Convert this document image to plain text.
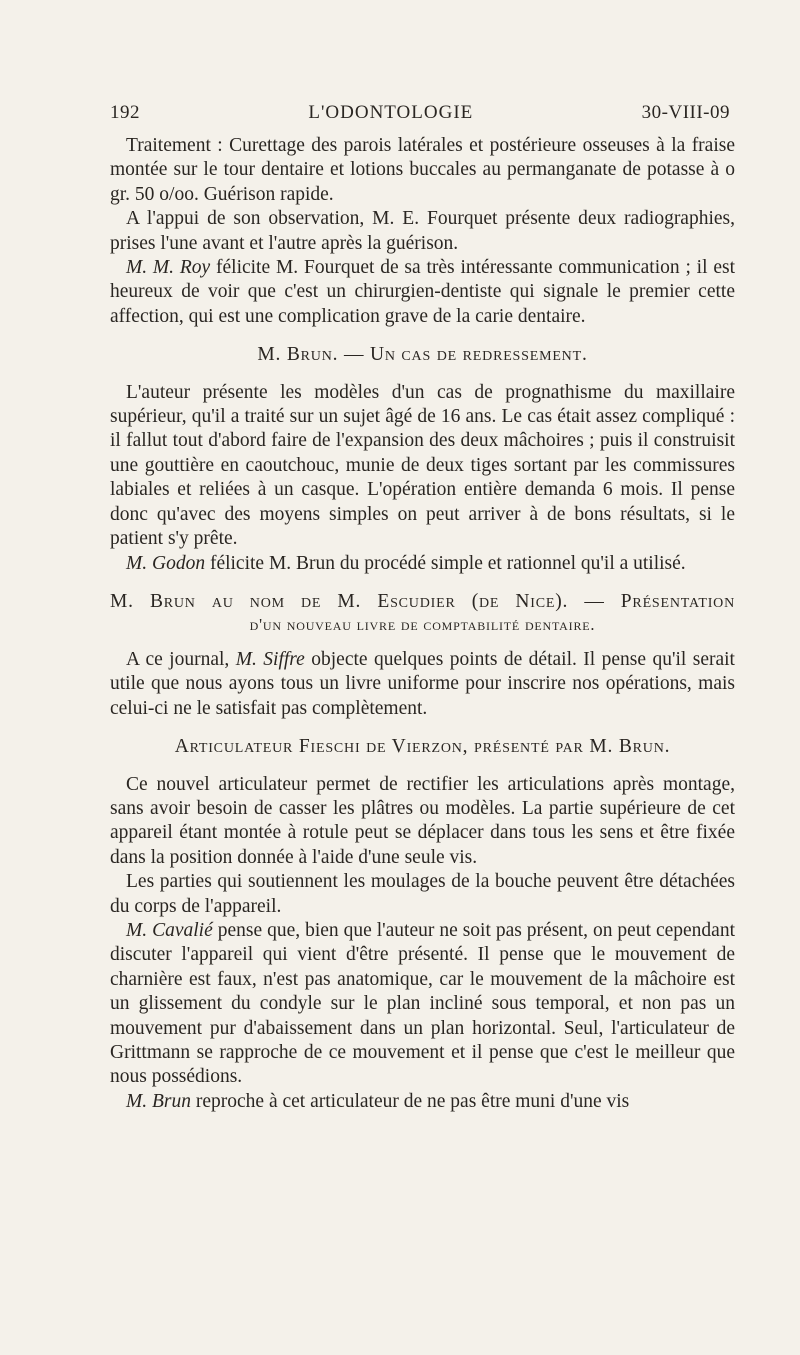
192	L'ODONTOLOGIE	30-VIII-09

Traitement : Curettage des parois latérales et postérieure osseuses à la fraise montée sur le tour dentaire et lotions buccales au permanganate de potasse à o gr. 50 o/oo. Guérison rapide.

A l'appui de son observation, M. E. Fourquet présente deux radiographies, prises l'une avant et l'autre après la guérison.

M. M. Roy félicite M. Fourquet de sa très intéressante communication ; il est heureux de voir que c'est un chirurgien-dentiste qui signale le premier cette affection, qui est une complication grave de la carie dentaire.

M. Brun. — Un cas de redressement.

L'auteur présente les modèles d'un cas de prognathisme du maxillaire supérieur, qu'il a traité sur un sujet âgé de 16 ans. Le cas était assez compliqué : il fallut tout d'abord faire de l'expansion des deux mâchoires ; puis il construisit une gouttière en caoutchouc, munie de deux tiges sortant par les commissures labiales et reliées à un casque. L'opération entière demanda 6 mois. Il pense donc qu'avec des moyens simples on peut arriver à de bons résultats, si le patient s'y prête.

M. Godon félicite M. Brun du procédé simple et rationnel qu'il a utilisé.

M. Brun au nom de M. Escudier (de Nice). — Présentation
d'un nouveau livre de comptabilité dentaire.

A ce journal, M. Siffre objecte quelques points de détail. Il pense qu'il serait utile que nous ayons tous un livre uniforme pour inscrire nos opérations, mais celui-ci ne le satisfait pas complètement.

Articulateur Fieschi de Vierzon, présenté par M. Brun.

Ce nouvel articulateur permet de rectifier les articulations après montage, sans avoir besoin de casser les plâtres ou modèles. La partie supérieure de cet appareil étant montée à rotule peut se déplacer dans tous les sens et être fixée dans la position donnée à l'aide d'une seule vis.

Les parties qui soutiennent les moulages de la bouche peuvent être détachées du corps de l'appareil.

M. Cavalié pense que, bien que l'auteur ne soit pas présent, on peut cependant discuter l'appareil qui vient d'être présenté. Il pense que le mouvement de charnière est faux, n'est pas anatomique, car le mouvement de la mâchoire est un glissement du condyle sur le plan incliné sous temporal, et non pas un mouvement pur d'abaissement dans un plan horizontal. Seul, l'articulateur de Grittmann se rapproche de ce mouvement et il pense que c'est le meilleur que nous possédions.

M. Brun reproche à cet articulateur de ne pas être muni d'une vis
